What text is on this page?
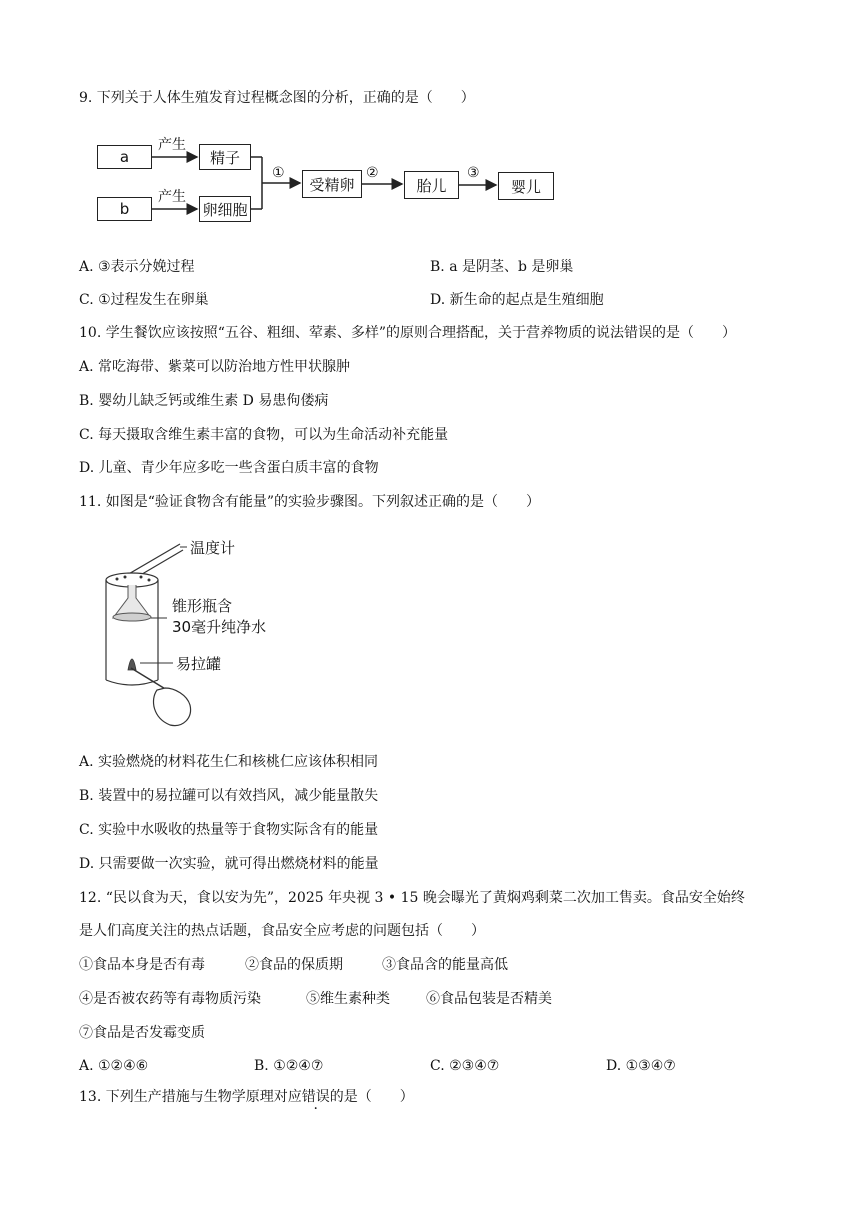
9. 下列关于人体生殖发育过程概念图的分析，正确的是（　　）
a
b
产生
产生
精子
卵细胞
①
受精卵
②
胎儿
③
婴儿
A. ③表示分娩过程	B. a 是阴茎、b 是卵巢
C. ①过程发生在卵巢	D. 新生命的起点是生殖细胞
10. 学生餐饮应该按照“五谷、粗细、荤素、多样”的原则合理搭配，关于营养物质的说法错误的是（　　）
A. 常吃海带、紫菜可以防治地方性甲状腺肿
B. 婴幼儿缺乏钙或维生素 D 易患佝偻病
C. 每天摄取含维生素丰富的食物，可以为生命活动补充能量
D. 儿童、青少年应多吃一些含蛋白质丰富的食物
11. 如图是“验证食物含有能量”的实验步骤图。下列叙述正确的是（　　）
温度计
锥形瓶含
30毫升纯净水
易拉罐
A. 实验燃烧的材料花生仁和核桃仁应该体积相同
B. 装置中的易拉罐可以有效挡风，减少能量散失
C. 实验中水吸收的热量等于食物实际含有的能量
D. 只需要做一次实验，就可得出燃烧材料的能量
12. “民以食为天，食以安为先”，2025 年央视 3 • 15 晚会曝光了黄焖鸡剩菜二次加工售卖。食品安全始终
是人们高度关注的热点话题，食品安全应考虑的问题包括（　　）
①食品本身是否有毒	②食品的保质期	③食品含的能量高低
④是否被农药等有毒物质污染	⑤维生素种类	⑥食品包装是否精美
⑦食品是否发霉变质
A. ①②④⑥	B. ①②④⑦	C. ②③④⑦	D. ①③④⑦
13. 下列生产措施与生物学原理对应错误的是（　　）
